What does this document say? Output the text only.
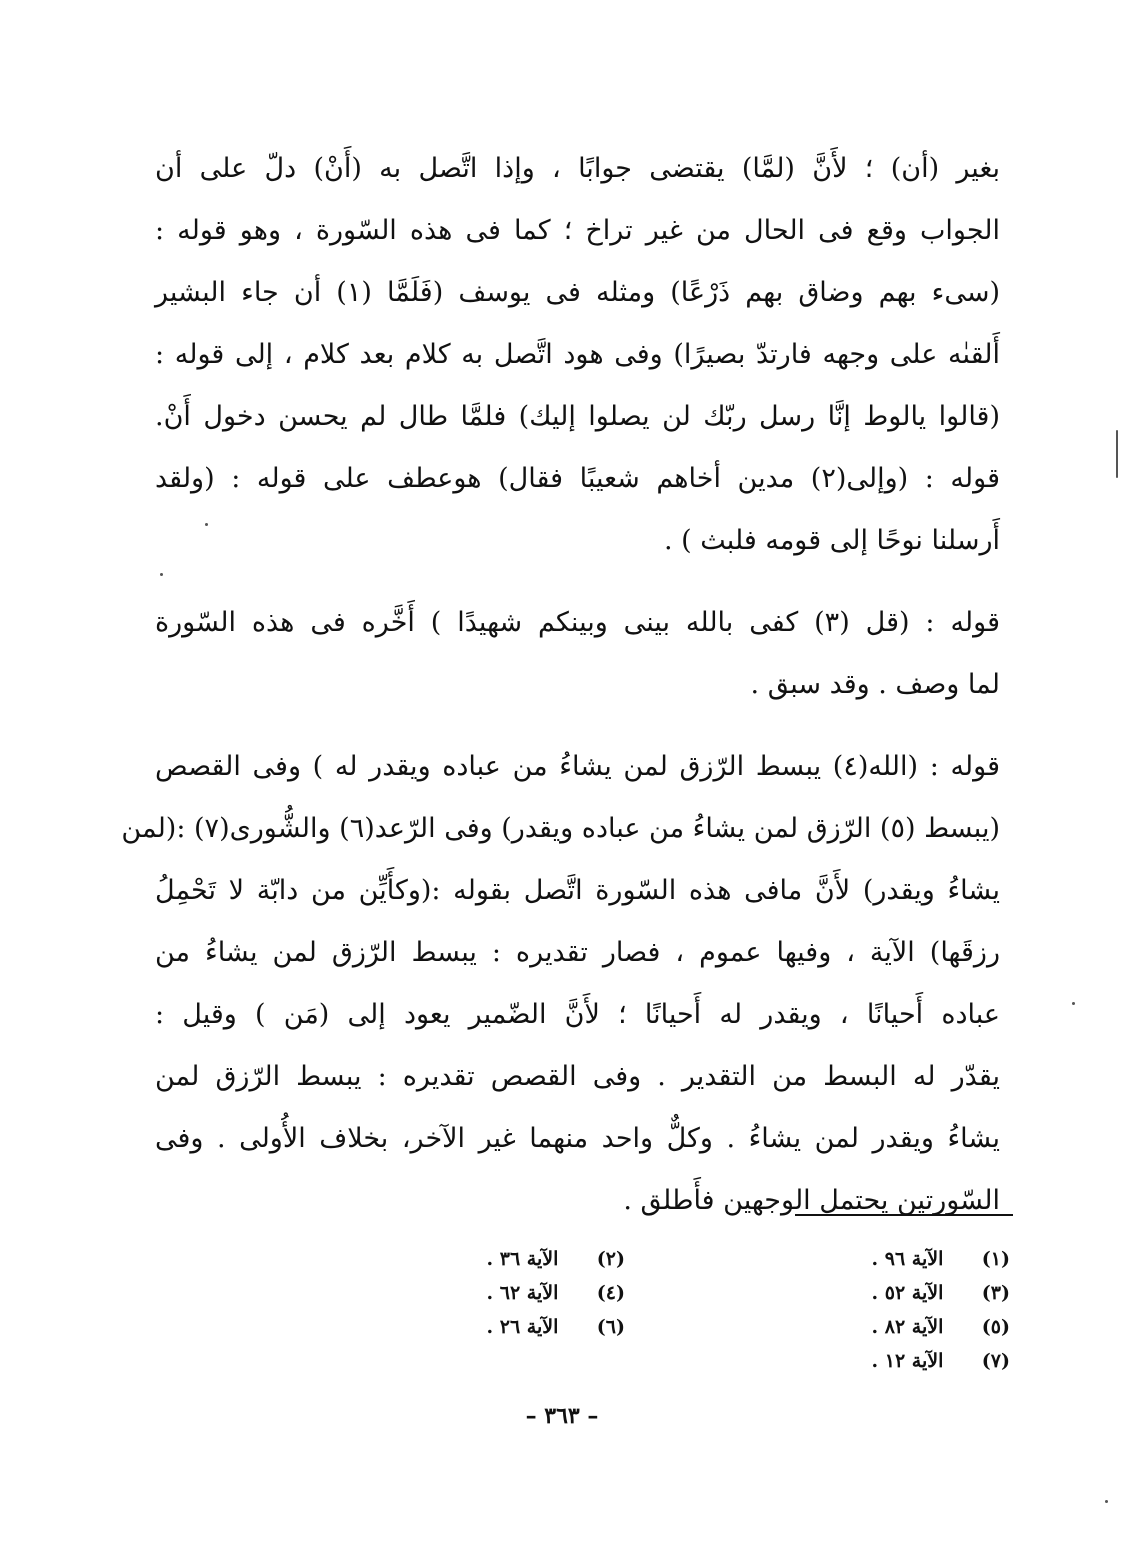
بغير (أن) ؛ لأَنَّ (لمَّا) يقتضى جوابًا ، وإذا اتَّصل به (أَنْ) دلّ على أن
الجواب وقع فى الحال من غير تراخ ؛ كما فى هذه السّورة ، وهو قوله :
(سىء بهم وضاق بهم ذَرْعًا) ومثله فى يوسف (فَلَمَّا (١) أن جاء البشير
أَلقىٰه على وجهه فارتدّ بصيرًا) وفى هود اتَّصل به كلام بعد كلام ، إلى قوله :
(قالوا يالوط إنَّا رسل ربّك لن يصلوا إليك) فلمَّا طال لم يحسن دخول أَنْ.
قوله : (وإلى(٢) مدين أخاهم شعيبًا فقال) هوعطف على قوله : (ولقد
أَرسلنا نوحًا إلى قومه فلبث ) .
قوله : (قل (٣) كفى بالله بينى وبينكم شهيدًا ) أَخَّره فى هذه السّورة
لما وصف . وقد سبق .
قوله : (الله(٤) يبسط الرّزق لمن يشاءُ من عباده ويقدر له ) وفى القصص
(يبسط (٥) الرّزق لمن يشاءُ من عباده ويقدر) وفى الرّعد(٦) والشُّورى(٧) :(لمن
يشاءُ ويقدر) لأَنَّ مافى هذه السّورة اتَّصل بقوله :(وكأَيِّن من دابّة لا تَحْمِلُ
رزقَها) الآية ، وفيها عموم ، فصار تقديره : يبسط الرّزق لمن يشاءُ من
عباده أَحيانًا ، ويقدر له أَحيانًا ؛ لأَنَّ الضّمير يعود إلى (مَن ) وقيل :
يقدّر له البسط من التقدير . وفى القصص تقديره : يبسط الرّزق لمن
يشاءُ ويقدر لمن يشاءُ . وكلٌّ واحد منهما غير الآخر، بخلاف الأُولى . وفى
السّورتين يحتمل الوجهين فأَطلق .
(١) الآية ٩٦ .
(٢) الآية ٣٦ .
(٣) الآية ٥٢ .
(٤) الآية ٦٢ .
(٥) الآية ٨٢ .
(٦) الآية ٢٦ .
(٧) الآية ١٢ .
– ٣٦٣ –
